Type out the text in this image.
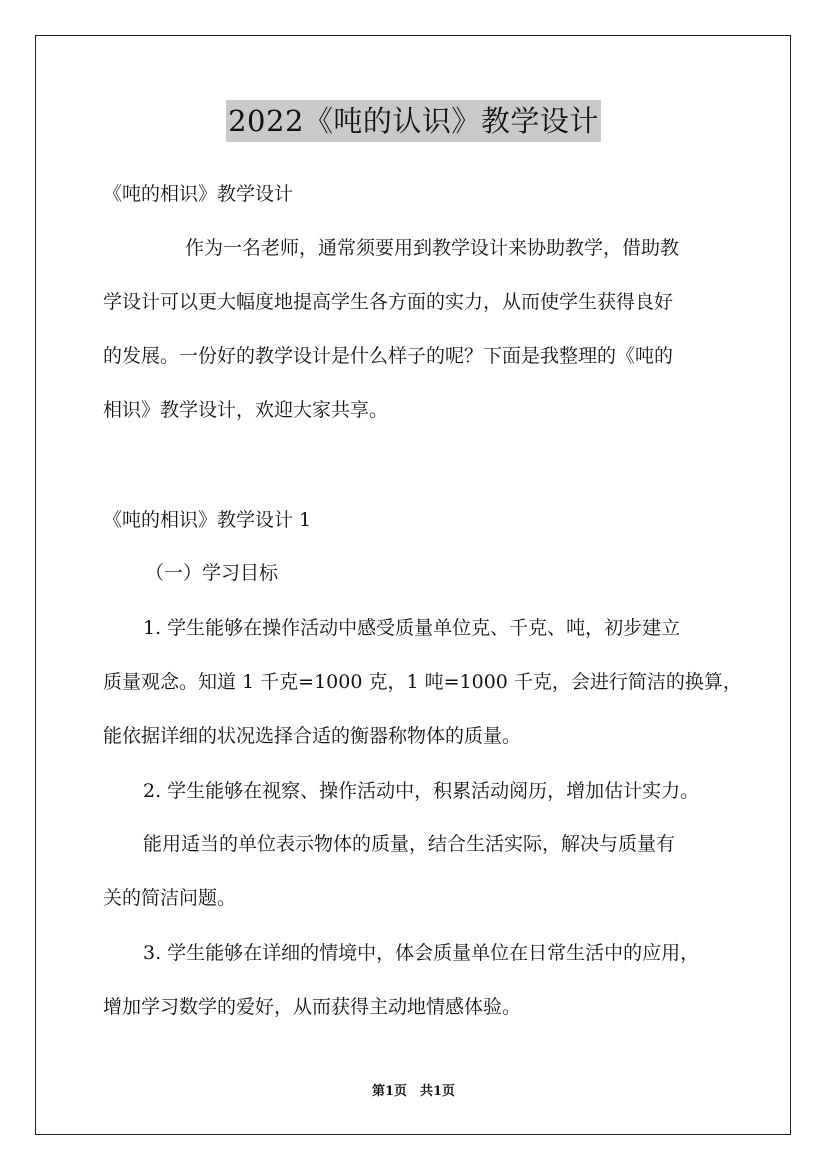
2022《吨的认识》教学设计
《吨的相识》教学设计
作为一名老师，通常须要用到教学设计来协助教学，借助教
学设计可以更大幅度地提高学生各方面的实力，从而使学生获得良好
的发展。一份好的教学设计是什么样子的呢？下面是我整理的《吨的
相识》教学设计，欢迎大家共享。
《吨的相识》教学设计 1
（一）学习目标
1. 学生能够在操作活动中感受质量单位克、千克、吨，初步建立
质量观念。知道 1 千克=1000 克，1 吨=1000 千克，会进行简洁的换算，
能依据详细的状况选择合适的衡器称物体的质量。
2. 学生能够在视察、操作活动中，积累活动阅历，增加估计实力。
能用适当的单位表示物体的质量，结合生活实际，解决与质量有
关的简洁问题。
3. 学生能够在详细的情境中，体会质量单位在日常生活中的应用，
增加学习数学的爱好，从而获得主动地情感体验。
第1页　共1页
